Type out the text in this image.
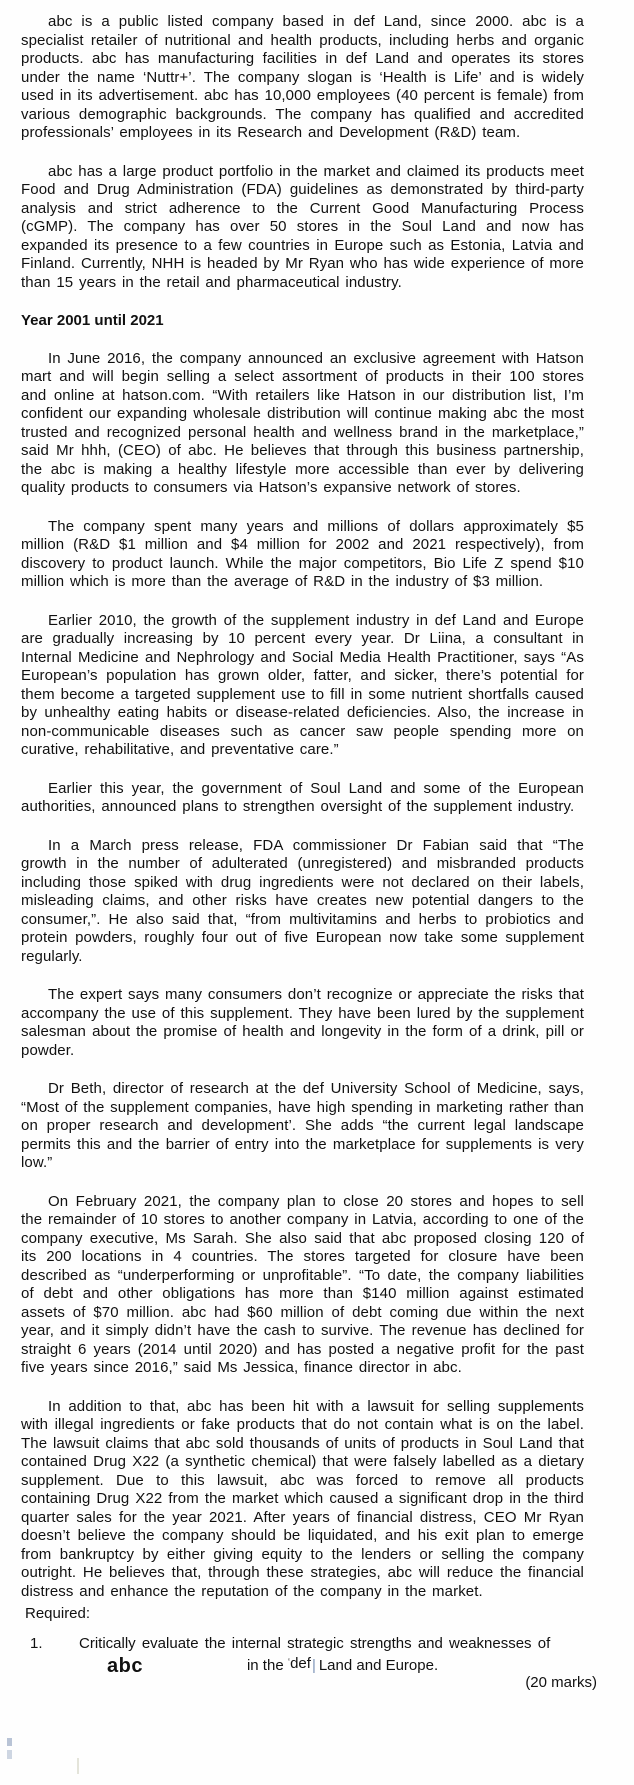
abc is a public listed company based in def Land, since 2000. abc is a specialist retailer of nutritional and health products, including herbs and organic products. abc has manufacturing facilities in def Land and operates its stores under the name ‘Nuttr+’. The company slogan is ‘Health is Life’ and is widely used in its advertisement. abc has 10,000 employees (40 percent is female) from various demographic backgrounds. The company has qualified and accredited professionals’ employees in its Research and Development (R&D) team.

abc has a large product portfolio in the market and claimed its products meet Food and Drug Administration (FDA) guidelines as demonstrated by third-party analysis and strict adherence to the Current Good Manufacturing Process (cGMP). The company has over 50 stores in the Soul Land and now has expanded its presence to a few countries in Europe such as Estonia, Latvia and Finland. Currently, NHH is headed by Mr Ryan who has wide experience of more than 15 years in the retail and pharmaceutical industry.

Year 2001 until 2021

In June 2016, the company announced an exclusive agreement with Hatson mart and will begin selling a select assortment of products in their 100 stores and online at hatson.com. “With retailers like Hatson in our distribution list, I’m confident our expanding wholesale distribution will continue making abc the most trusted and recognized personal health and wellness brand in the marketplace,” said Mr hhh, (CEO) of abc. He believes that through this business partnership, the abc is making a healthy lifestyle more accessible than ever by delivering quality products to consumers via Hatson’s expansive network of stores.

The company spent many years and millions of dollars approximately $5 million (R&D $1 million and $4 million for 2002 and 2021 respectively), from discovery to product launch. While the major competitors, Bio Life Z spend $10 million which is more than the average of R&D in the industry of $3 million.

Earlier 2010, the growth of the supplement industry in def Land and Europe are gradually increasing by 10 percent every year. Dr Liina, a consultant in Internal Medicine and Nephrology and Social Media Health Practitioner, says “As European’s population has grown older, fatter, and sicker, there’s potential for them become a targeted supplement use to fill in some nutrient shortfalls caused by unhealthy eating habits or disease-related deficiencies. Also, the increase in non-communicable diseases such as cancer saw people spending more on curative, rehabilitative, and preventative care.”

Earlier this year, the government of Soul Land and some of the European authorities, announced plans to strengthen oversight of the supplement industry.

In a March press release, FDA commissioner Dr Fabian said that “The growth in the number of adulterated (unregistered) and misbranded products including those spiked with drug ingredients were not declared on their labels, misleading claims, and other risks have creates new potential dangers to the consumer,”. He also said that, “from multivitamins and herbs to probiotics and protein powders, roughly four out of five European now take some supplement regularly.

The expert says many consumers don’t recognize or appreciate the risks that accompany the use of this supplement. They have been lured by the supplement salesman about the promise of health and longevity in the form of a drink, pill or powder.

Dr Beth, director of research at the def University School of Medicine, says, “Most of the supplement companies, have high spending in marketing rather than on proper research and development’. She adds “the current legal landscape permits this and the barrier of entry into the marketplace for supplements is very low.”

On February 2021, the company plan to close 20 stores and hopes to sell the remainder of 10 stores to another company in Latvia, according to one of the company executive, Ms Sarah. She also said that abc proposed closing 120 of its 200 locations in 4 countries. The stores targeted for closure have been described as “underperforming or unprofitable”. “To date, the company liabilities of debt and other obligations has more than $140 million against estimated assets of $70 million. abc had $60 million of debt coming due within the next year, and it simply didn’t have the cash to survive. The revenue has declined for straight 6 years (2014 until 2020) and has posted a negative profit for the past five years since 2016,” said Ms Jessica, finance director in abc.

In addition to that, abc has been hit with a lawsuit for selling supplements with illegal ingredients or fake products that do not contain what is on the label. The lawsuit claims that abc sold thousands of units of products in Soul Land that contained Drug X22 (a synthetic chemical) that were falsely labelled as a dietary supplement. Due to this lawsuit, abc was forced to remove all products containing Drug X22 from the market which caused a significant drop in the third quarter sales for the year 2021. After years of financial distress, CEO Mr Ryan doesn’t believe the company should be liquidated, and his exit plan to emerge from bankruptcy by either giving equity to the lenders or selling the company outright. He believes that, through these strategies, abc will reduce the financial distress and enhance the reputation of the company in the market.

Required:

1. Critically evaluate the internal strategic strengths and weaknesses of
abc	in the ‘def| Land and Europe.
(20 marks)
